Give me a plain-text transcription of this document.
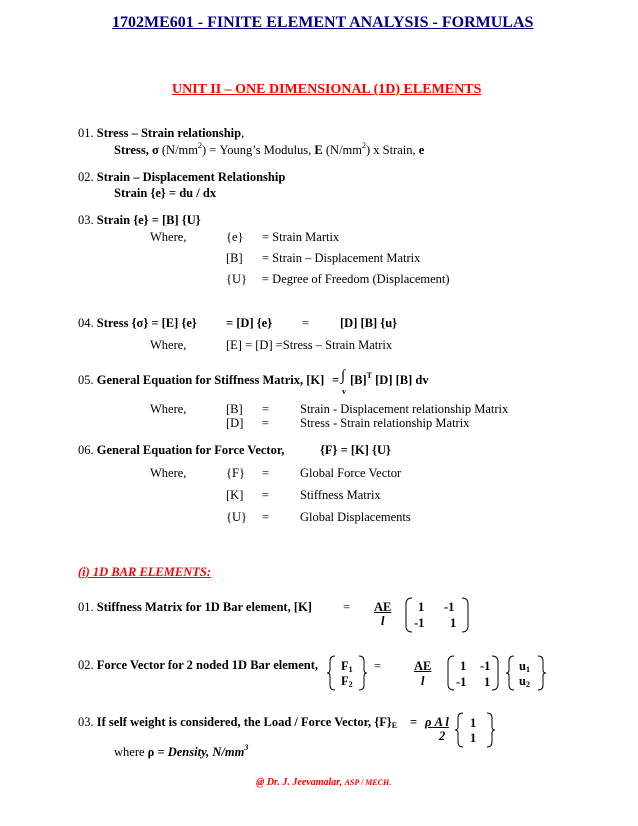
1702ME601 - FINITE ELEMENT ANALYSIS - FORMULAS
UNIT II – ONE DIMENSIONAL (1D) ELEMENTS
01. Stress – Strain relationship,
Stress, σ $(N/mm^2)$ = Young’s Modulus, E $(N/mm^2)$ x Strain, e
02. Strain – Displacement Relationship
Strain {e} = du / dx
03. Strain {e} = [B] {U}
Where,	{e} = Strain Martix
[B] = Strain – Displacement Matrix
{U} = Degree of Freedom (Displacement)
04. Stress {σ} = [E] {e} = [D] {e} = [D] [B] {u}
Where,	[E] = [D] =Stress – Strain Matrix
05. General Equation for Stiffness Matrix, [K] = ∫
v
$[B]^T$ [D] [B] dv
Where,	[B] = Strain - Displacement relationship Matrix
[D] = Stress - Strain relationship Matrix
06. General Equation for Force Vector,	{F} = [K] {U}
Where,	{F} = Global Force Vector
[K] = Stiffness Matrix
{U} = Global Displacements
(i) 1D BAR ELEMENTS:
01. Stiffness Matrix for 1D Bar element, [K] = AE
l
1 -1
-1 1
02. Force Vector for 2 noded 1D Bar element, $F_1$
$F_2$
=	AE
l
1 -1
-1 1
$u_1$
$u_2$
03. If self weight is considered, the Load / Force Vector, $\{F\}_E = \rho$ A l
2
1
1
where ρ = Density, $N/mm^3$
@ Dr. J. Jeevamalar, ASP / MECH.
